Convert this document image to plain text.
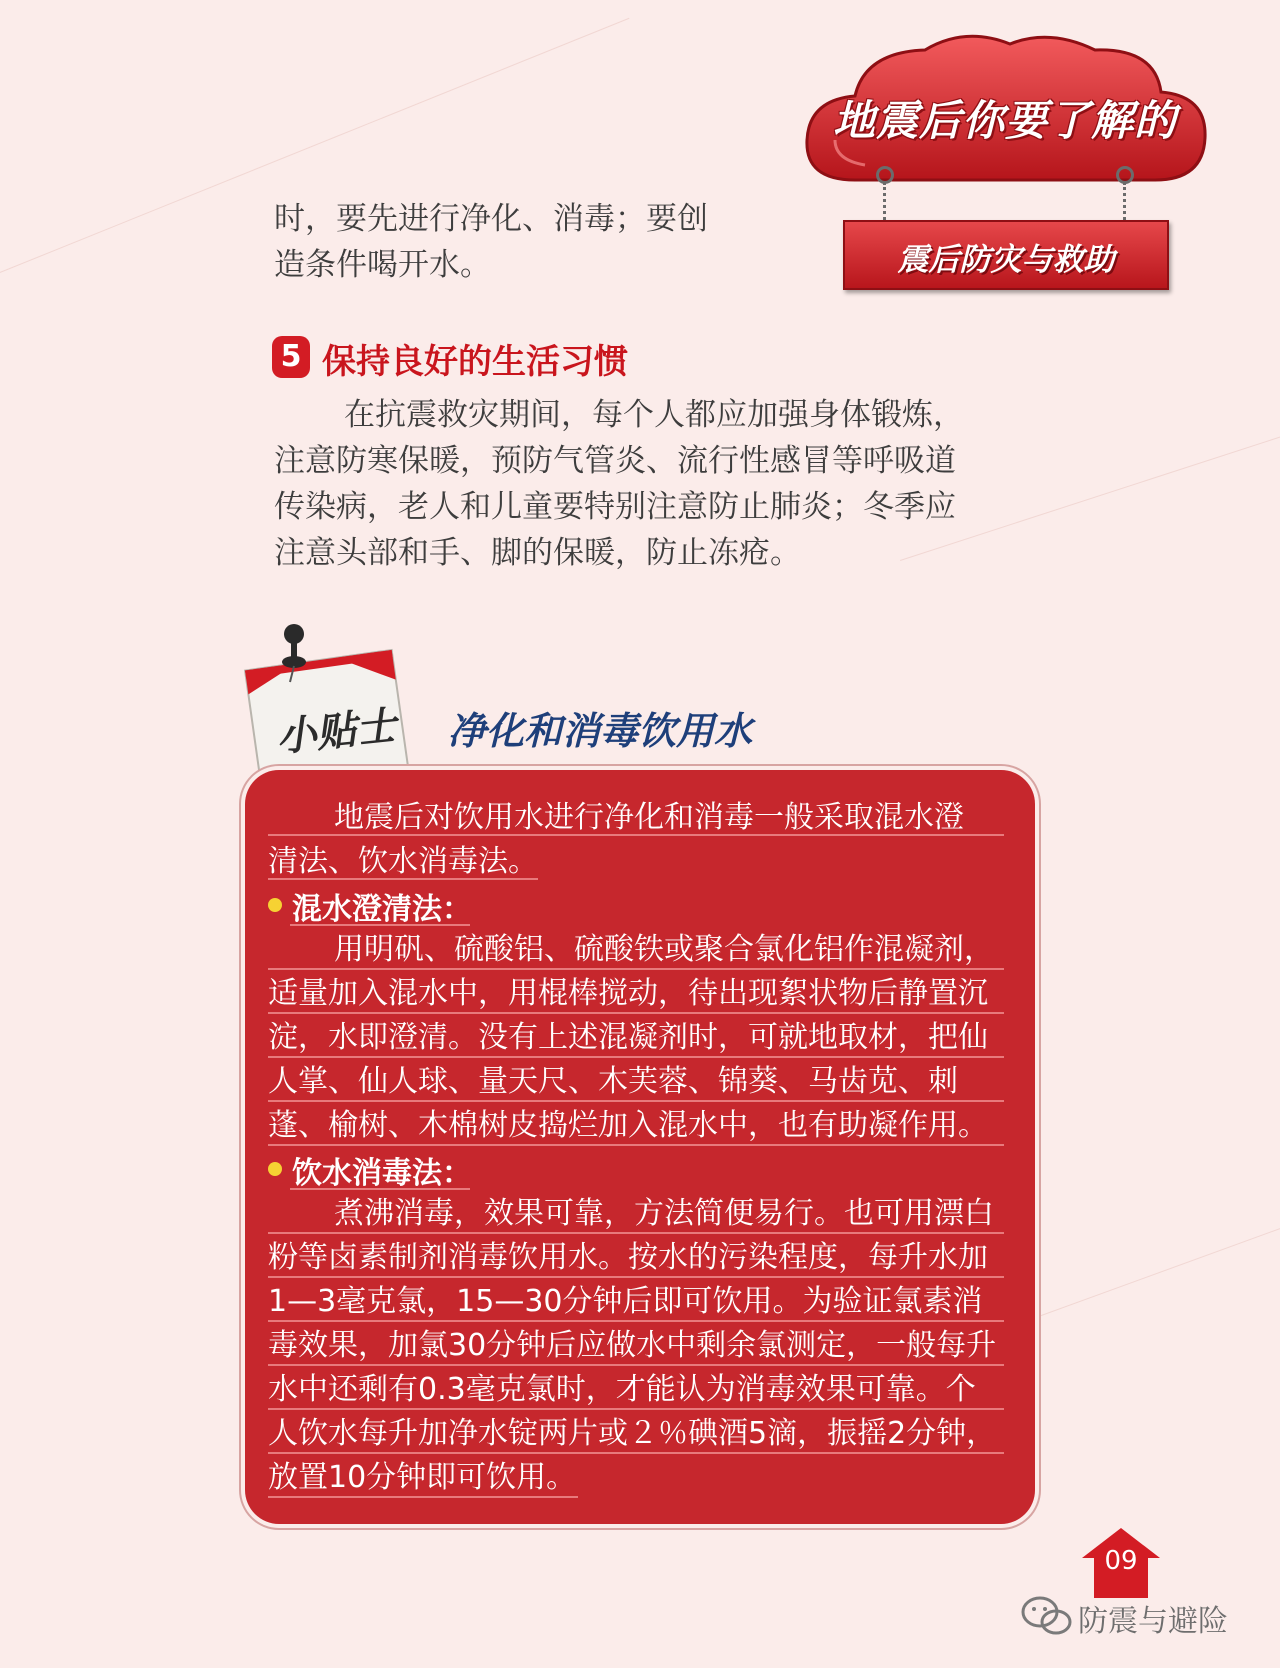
地震后你要了解的
震后防灾与救助
时，要先进行净化、消毒；要创
造条件喝开水。
5 保持良好的生活习惯
在抗震救灾期间，每个人都应加强身体锻炼，
注意防寒保暖，预防气管炎、流行性感冒等呼吸道
传染病，老人和儿童要特别注意防止肺炎；冬季应
注意头部和手、脚的保暖，防止冻疮。
小贴士 净化和消毒饮用水
地震后对饮用水进行净化和消毒一般采取混水澄
清法、饮水消毒法。
混水澄清法：
用明矾、硫酸铝、硫酸铁或聚合氯化铝作混凝剂，
适量加入混水中，用棍棒搅动，待出现絮状物后静置沉
淀，水即澄清。没有上述混凝剂时，可就地取材，把仙
人掌、仙人球、量天尺、木芙蓉、锦葵、马齿苋、刺
蓬、榆树、木棉树皮捣烂加入混水中，也有助凝作用。
饮水消毒法：
煮沸消毒，效果可靠，方法简便易行。也可用漂白
粉等卤素制剂消毒饮用水。按水的污染程度，每升水加
1—3毫克氯，15—30分钟后即可饮用。为验证氯素消
毒效果，加氯30分钟后应做水中剩余氯测定，一般每升
水中还剩有0.3毫克氯时，才能认为消毒效果可靠。个
人饮水每升加净水锭两片或２％碘酒5滴，振摇2分钟，
放置10分钟即可饮用。
09
防震与避险
